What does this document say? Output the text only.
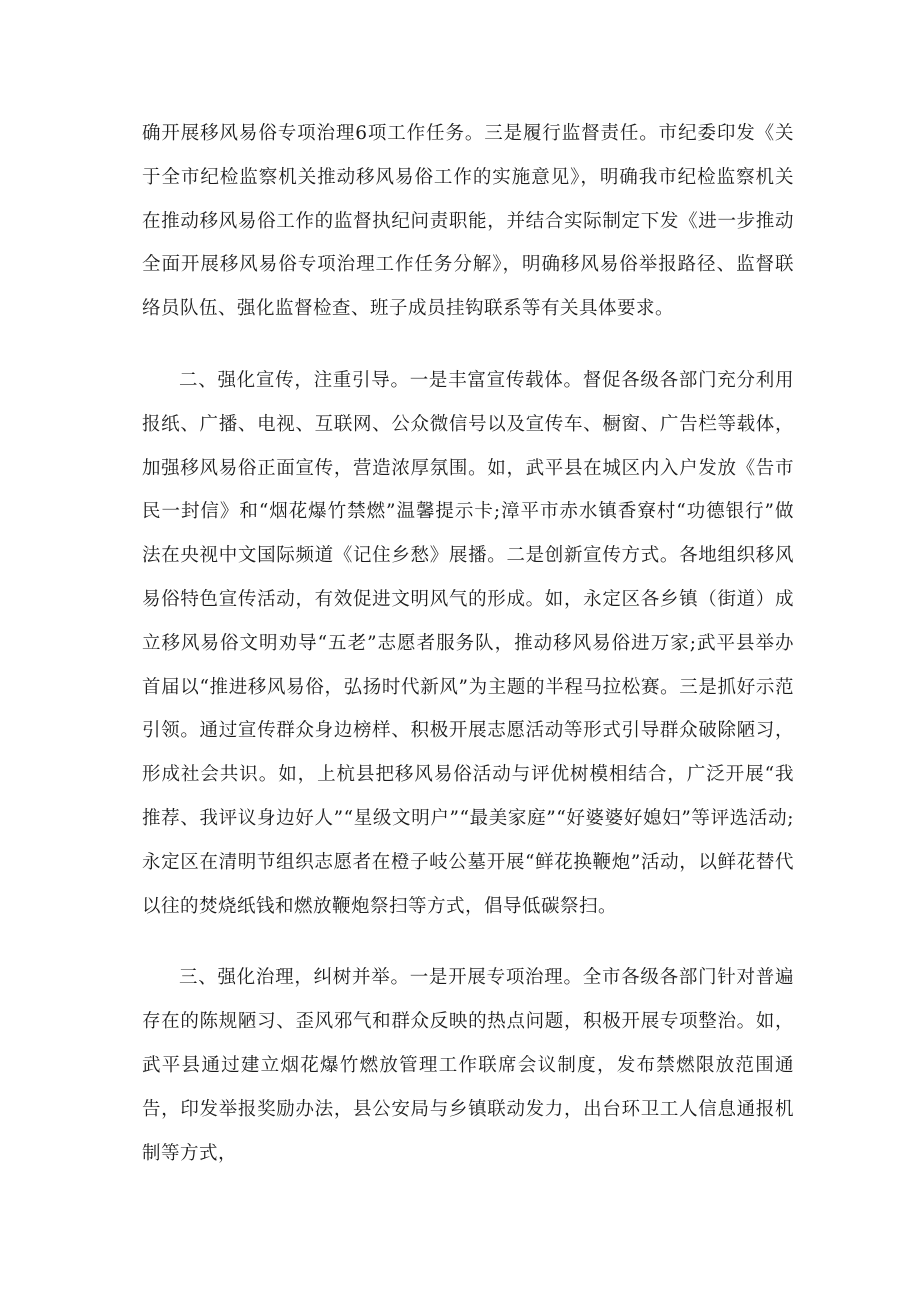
确开展移风易俗专项治理6项工作任务。三是履行监督责任。市纪委印发《关于全市纪检监察机关推动移风易俗工作的实施意见》，明确我市纪检监察机关在推动移风易俗工作的监督执纪问责职能，并结合实际制定下发《进一步推动全面开展移风易俗专项治理工作任务分解》，明确移风易俗举报路径、监督联络员队伍、强化监督检查、班子成员挂钩联系等有关具体要求。

二、强化宣传，注重引导。一是丰富宣传载体。督促各级各部门充分利用报纸、广播、电视、互联网、公众微信号以及宣传车、橱窗、广告栏等载体，加强移风易俗正面宣传，营造浓厚氛围。如，武平县在城区内入户发放《告市民一封信》和“烟花爆竹禁燃”温馨提示卡;漳平市赤水镇香寮村“功德银行”做法在央视中文国际频道《记住乡愁》展播。二是创新宣传方式。各地组织移风易俗特色宣传活动，有效促进文明风气的形成。如，永定区各乡镇（街道）成立移风易俗文明劝导“五老”志愿者服务队，推动移风易俗进万家;武平县举办首届以“推进移风易俗，弘扬时代新风”为主题的半程马拉松赛。三是抓好示范引领。通过宣传群众身边榜样、积极开展志愿活动等形式引导群众破除陋习，形成社会共识。如，上杭县把移风易俗活动与评优树模相结合，广泛开展“我推荐、我评议身边好人”“星级文明户”“最美家庭”“好婆婆好媳妇”等评选活动;永定区在清明节组织志愿者在橙子岐公墓开展“鲜花换鞭炮”活动，以鲜花替代以往的焚烧纸钱和燃放鞭炮祭扫等方式，倡导低碳祭扫。

三、强化治理，纠树并举。一是开展专项治理。全市各级各部门针对普遍存在的陈规陋习、歪风邪气和群众反映的热点问题，积极开展专项整治。如，武平县通过建立烟花爆竹燃放管理工作联席会议制度，发布禁燃限放范围通告，印发举报奖励办法，县公安局与乡镇联动发力，出台环卫工人信息通报机制等方式，
